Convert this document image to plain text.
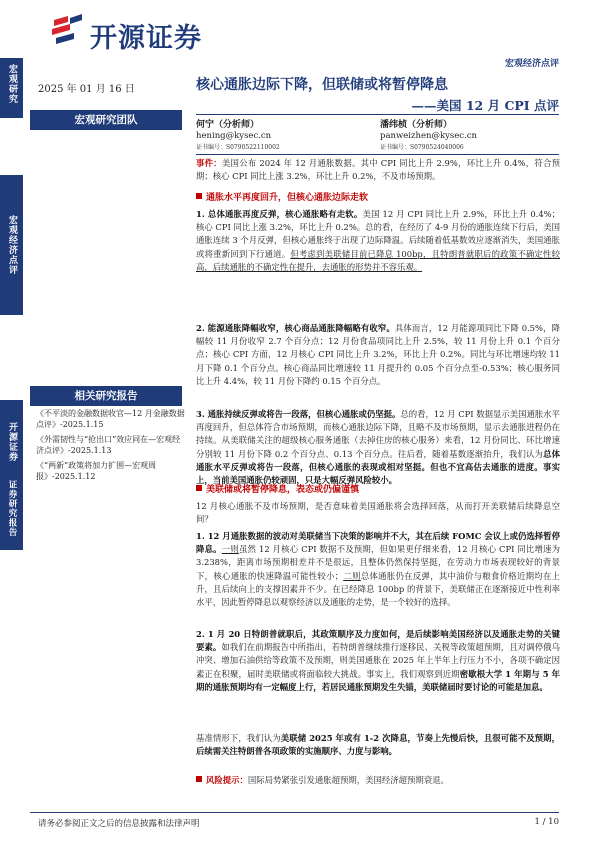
开源证券
宏观经济点评
宏观研究
宏观经济点评
开源证券
证券研究报告
2025 年 01 月 16 日	核心通胀边际下降，但联储或将暂停降息
——美国 12 月 CPI 点评
宏观研究团队	何宁（分析师）
hening@kysec.cn
证书编号：S0790522110002
潘纬桢（分析师）
panweizhen@kysec.cn
证书编号：S0790524040006
相关研究报告
《不平淡的金融数据收官—12 月金融数据点评》-2025.1.15
《外需韧性与“抢出口”效应同在—宏观经济点评》-2025.1.13
《“两新”政策将加力扩围—宏观周报》-2025.1.12
事件：美国公布 2024 年 12 月通胀数据。其中 CPI 同比上升 2.9%，环比上升 0.4%，符合预期；核心 CPI 同比上涨 3.2%，环比上升 0.2%，不及市场预期。
通胀水平再度回升，但核心通胀边际走软
1. 总体通胀再度反弹，核心通胀略有走软。美国 12 月 CPI 同比上升 2.9%，环比上升 0.4%；核心 CPI 同比上涨 3.2%，环比上升 0.2%。总的看，在经历了 4-9 月份的通胀连续下行后，美国通胀连续 3 个月反弹，但核心通胀终于出现了边际降温。后续随着低基数效应逐渐消失，美国通胀或将重新回到下行通道。但考虑到美联储目前已降息 100bp，且特朗普就职后的政策不确定性较高，后续通胀的不确定性在提升，去通胀的形势并不容乐观。
2. 能源通胀降幅收窄，核心商品通胀降幅略有收窄。具体而言，12 月能源项同比下降 0.5%，降幅较 11 月份收窄 2.7 个百分点；12 月份食品项同比上升 2.5%，较 11 月份上升 0.1 个百分点；核心 CPI 方面，12 月核心 CPI 同比上升 3.2%，环比上升 0.2%。同比与环比增速均较 11 月下降 0.1 个百分点。核心商品同比增速较 11 月提升约 0.05 个百分点至-0.53%；核心服务同比上升 4.4%，较 11 月份下降约 0.15 个百分点。
3. 通胀持续反弹或将告一段落，但核心通胀或仍坚挺。总的看，12 月 CPI 数据显示美国通胀水平再度回升，但总体符合市场预期，而核心通胀边际下降，且略不及市场预期，显示去通胀进程仍在持续。从美联储关注的超级核心服务通胀（去掉住房的核心服务）来看，12 月份同比、环比增速分别较 11 月份下降 0.2 个百分点、0.13 个百分点。往后看，随着基数逐渐抬升，我们认为总体通胀水平反弹或将告一段落，但核心通胀的表现或相对坚挺。但也不宜高估去通胀的进度。事实上，当前美国通胀仍较顽固，只是大幅反弹风险较小。
美联储或将暂停降息，表态或仍偏谨慎
12 月核心通胀不及市场预期，是否意味着美国通胀将会选择回落，从而打开美联储后续降息空间？
1. 12 月通胀数据的波动对美联储当下决策的影响并不大，其在后续 FOMC 会议上或仍选择暂停降息。一则虽然 12 月核心 CPI 数据不及预期，但如果更仔细来看，12 月核心 CPI 同比增速为 3.238%，距离市场预期相差并不是很远，且整体仍然保持坚挺，在劳动力市场表现较好的背景下，核心通胀的快速降温可能性较小；二则总体通胀仍在反弹，其中油价与粮食价格近期均在上升，且后续向上的支撑因素并不少。在已经降息 100bp 的背景下，美联储正在逐渐接近中性利率水平，因此暂停降息以观察经济以及通胀的走势，是一个较好的选择。
2. 1 月 20 日特朗普就职后，其政策顺序及力度如何，是后续影响美国经济以及通胀走势的关键要素。如我们在前期报告中所指出，若特朗普继续推行逐移民、关税等政策超预期，且对调停俄乌冲突、增加石油供给等政策不及预期，则美国通胀在 2025 年上半年上行压力不小，各项不确定因素正在积聚，届时美联储或将面临较大挑战。事实上，我们观察到近期密歇根大学 1 年期与 5 年期的通胀预期均有一定幅度上行，若居民通胀预期发生失锚，美联储届时要讨论的可能是加息。
基准情形下，我们认为美联储 2025 年或有 1-2 次降息，节奏上先慢后快，且很可能不及预期，后续需关注特朗普各项政策的实施顺序、力度与影响。
风险提示：国际局势紧张引发通胀超预期，美国经济超预期衰退。
请务必参阅正文之后的信息披露和法律声明	1 / 10
